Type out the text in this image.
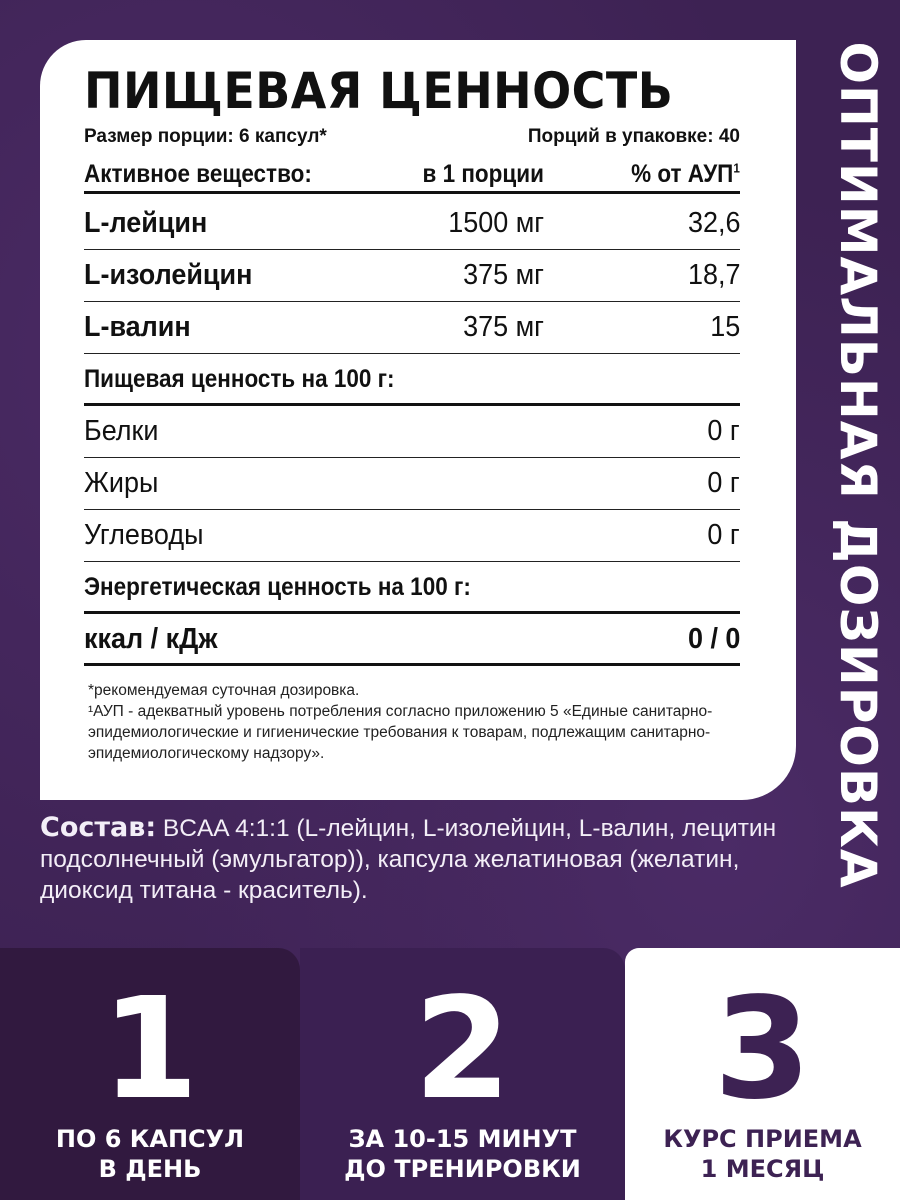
ПИЩЕВАЯ ЦЕННОСТЬ
Размер порции: 6 капсул*	Порций в упаковке: 40
Активное вещество:	в 1 порции	% от АУП$^1$
L-лейцин	1500 мг	32,6
L-изолейцин	375 мг	18,7
L-валин	375 мг	15
Пищевая ценность на 100 г:
Белки	0 г
Жиры	0 г
Углеводы	0 г
Энергетическая ценность на 100 г:
ккал / кДж	0 / 0
*рекомендуемая суточная дозировка.
¹АУП - адекватный уровень потребления согласно приложению 5 «Единые санитарно-эпидемиологические и гигиенические требования к товарам, подлежащим санитарно-эпидемиологическому надзору».	ОПТИМАЛЬНАЯ ДОЗИРОВКА
Состав: BCAA 4:1:1 (L-лейцин, L-изолейцин, L-валин, лецитин подсолнечный (эмульгатор)), капсула желатиновая (желатин, диоксид титана - краситель).
1
ПО 6 КАПСУЛ
В ДЕНЬ
2
ЗА 10-15 МИНУТ
ДО ТРЕНИРОВКИ
3
КУРС ПРИЕМА
1 МЕСЯЦ
